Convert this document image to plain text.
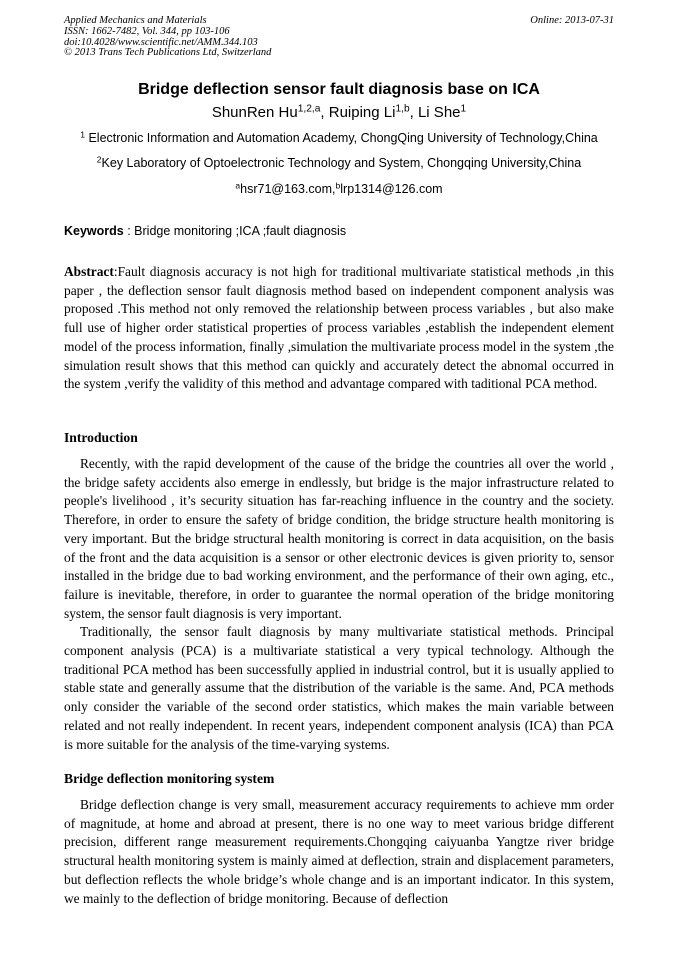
Applied Mechanics and Materials
ISSN: 1662-7482, Vol. 344, pp 103-106
doi:10.4028/www.scientific.net/AMM.344.103
© 2013 Trans Tech Publications Ltd, Switzerland
Online: 2013-07-31
Bridge deflection sensor fault diagnosis base on ICA
ShunRen Hu$^{1,2,a}$, Ruiping Li$^{1,b}$, Li She$^1$
$^1$ Electronic Information and Automation Academy, ChongQing University of Technology,China
$^2$Key Laboratory of Optoelectronic Technology and System, Chongqing University,China
$^a$hsr71@163.com,$^b$lrp1314@126.com
Keywords : Bridge monitoring ;ICA ;fault diagnosis

Abstract:Fault diagnosis accuracy is not high for traditional multivariate statistical methods ,in this paper , the deflection sensor fault diagnosis method based on independent component analysis was proposed .This method not only removed the relationship between process variables , but also make full use of higher order statistical properties of process variables ,establish the independent element model of the process information, finally ,simulation the multivariate process model in the system ,the simulation result shows that this method can quickly and accurately detect the abnomal occurred in the system ,verify the validity of this method and advantage compared with taditional PCA method.

Introduction

Recently, with the rapid development of the cause of the bridge the countries all over the world , the bridge safety accidents also emerge in endlessly, but bridge is the major infrastructure related to people's livelihood , it’s security situation has far-reaching influence in the country and the society. Therefore, in order to ensure the safety of bridge condition, the bridge structure health monitoring is very important. But the bridge structural health monitoring is correct in data acquisition, on the basis of the front and the data acquisition is a sensor or other electronic devices is given priority to, sensor installed in the bridge due to bad working environment, and the performance of their own aging, etc., failure is inevitable, therefore, in order to guarantee the normal operation of the bridge monitoring system, the sensor fault diagnosis is very important.

Traditionally, the sensor fault diagnosis by many multivariate statistical methods. Principal component analysis (PCA) is a multivariate statistical a very typical technology. Although the traditional PCA method has been successfully applied in industrial control, but it is usually applied to stable state and generally assume that the distribution of the variable is the same. And, PCA methods only consider the variable of the second order statistics, which makes the main variable between related and not really independent. In recent years, independent component analysis (ICA) than PCA is more suitable for the analysis of the time-varying systems.

Bridge deflection monitoring system

Bridge deflection change is very small, measurement accuracy requirements to achieve mm order of magnitude, at home and abroad at present, there is no one way to meet various bridge different precision, different range measurement requirements.Chongqing caiyuanba Yangtze river bridge structural health monitoring system is mainly aimed at deflection, strain and displacement parameters, but deflection reflects the whole bridge’s whole change and is an important indicator. In this system, we mainly to the deflection of bridge monitoring. Because of deflection
